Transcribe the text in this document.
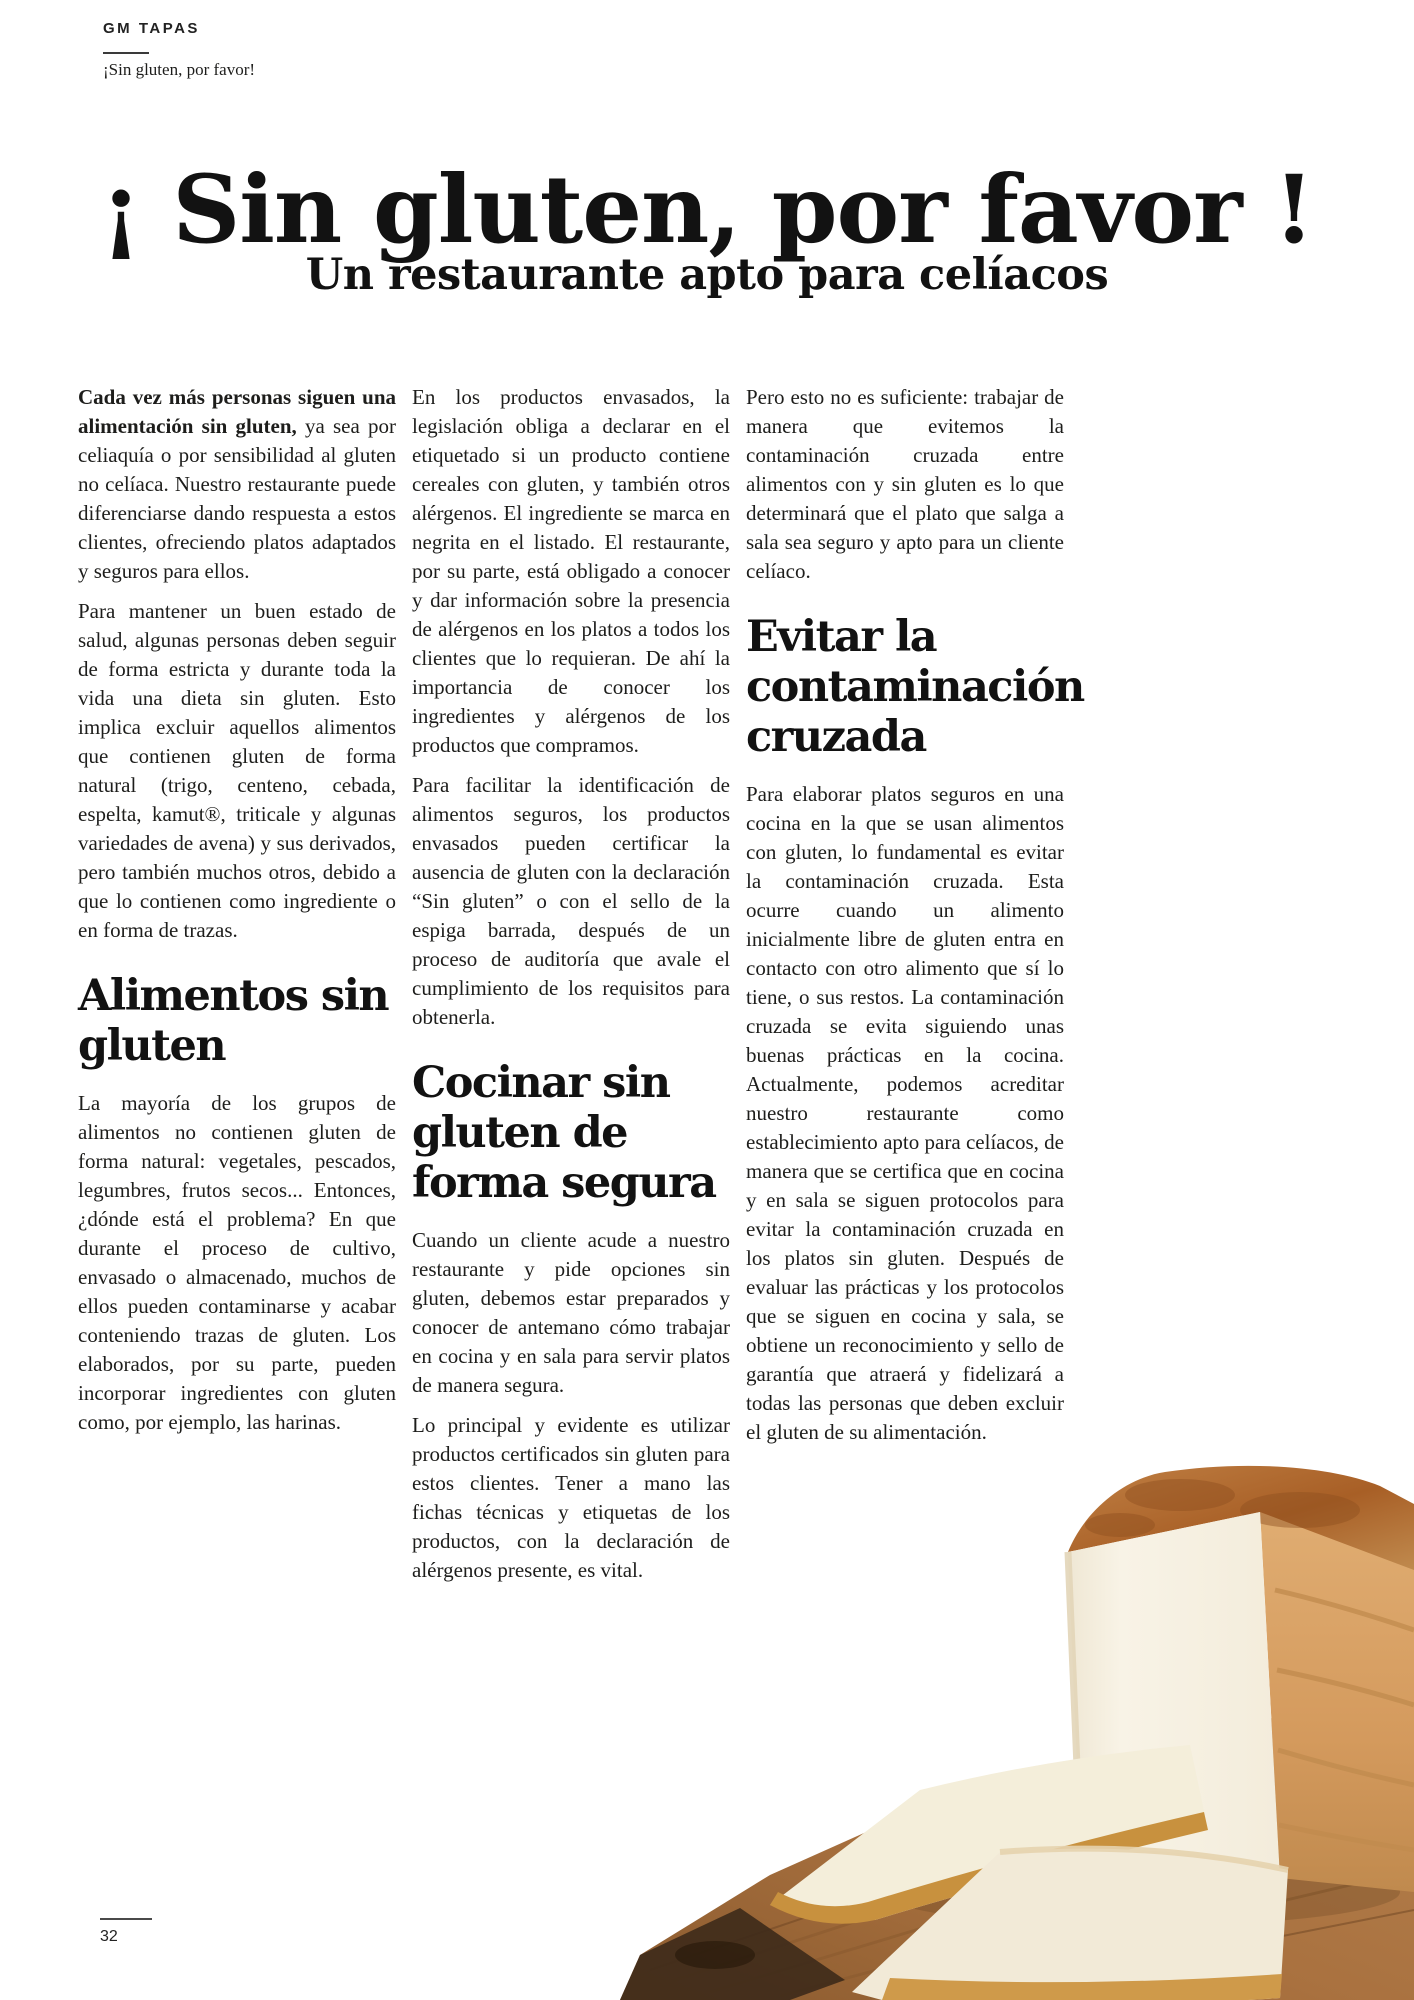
GM TAPAS
¡Sin gluten, por favor!
¡ Sin gluten, por favor !
Un restaurante apto para celíacos

Cada vez más personas siguen una alimentación sin gluten, ya sea por celiaquía o por sensibilidad al gluten no celíaca. Nuestro restaurante puede diferenciarse dando respuesta a estos clientes, ofreciendo platos adaptados y seguros para ellos.

Para mantener un buen estado de salud, algunas personas deben seguir de forma estricta y durante toda la vida una dieta sin gluten. Esto implica excluir aquellos alimentos que contienen gluten de forma natural (trigo, centeno, cebada, espelta, kamut®, triticale y algunas variedades de avena) y sus derivados, pero también muchos otros, debido a que lo contienen como ingrediente o en forma de trazas.

Alimentos sin gluten

La mayoría de los grupos de alimentos no contienen gluten de forma natural: vegetales, pescados, legumbres, frutos secos... Entonces, ¿dónde está el problema? En que durante el proceso de cultivo, envasado o almacenado, muchos de ellos pueden contaminarse y acabar conteniendo trazas de gluten. Los elaborados, por su parte, pueden incorporar ingredientes con gluten como, por ejemplo, las harinas.

En los productos envasados, la legislación obliga a declarar en el etiquetado si un producto contiene cereales con gluten, y también otros alérgenos. El ingrediente se marca en negrita en el listado. El restaurante, por su parte, está obligado a conocer y dar información sobre la presencia de alérgenos en los platos a todos los clientes que lo requieran. De ahí la importancia de conocer los ingredientes y alérgenos de los productos que compramos.

Para facilitar la identificación de alimentos seguros, los productos envasados pueden certificar la ausencia de gluten con la declaración “Sin gluten” o con el sello de la espiga barrada, después de un proceso de auditoría que avale el cumplimiento de los requisitos para obtenerla.

Cocinar sin gluten de forma segura

Cuando un cliente acude a nuestro restaurante y pide opciones sin gluten, debemos estar preparados y conocer de antemano cómo trabajar en cocina y en sala para servir platos de manera segura.

Lo principal y evidente es utilizar productos certificados sin gluten para estos clientes. Tener a mano las fichas técnicas y etiquetas de los productos, con la declaración de alérgenos presente, es vital.

Pero esto no es suficiente: trabajar de manera que evitemos la contaminación cruzada entre alimentos con y sin gluten es lo que determinará que el plato que salga a sala sea seguro y apto para un cliente celíaco.

Evitar la contaminación cruzada

Para elaborar platos seguros en una cocina en la que se usan alimentos con gluten, lo fundamental es evitar la contaminación cruzada. Esta ocurre cuando un alimento inicialmente libre de gluten entra en contacto con otro alimento que sí lo tiene, o sus restos. La contaminación cruzada se evita siguiendo unas buenas prácticas en la cocina. Actualmente, podemos acreditar nuestro restaurante como establecimiento apto para celíacos, de manera que se certifica que en cocina y en sala se siguen protocolos para evitar la contaminación cruzada en los platos sin gluten. Después de evaluar las prácticas y los protocolos que se siguen en cocina y sala, se obtiene un reconocimiento y sello de garantía que atraerá y fidelizará a todas las personas que deben excluir el gluten de su alimentación.

32
